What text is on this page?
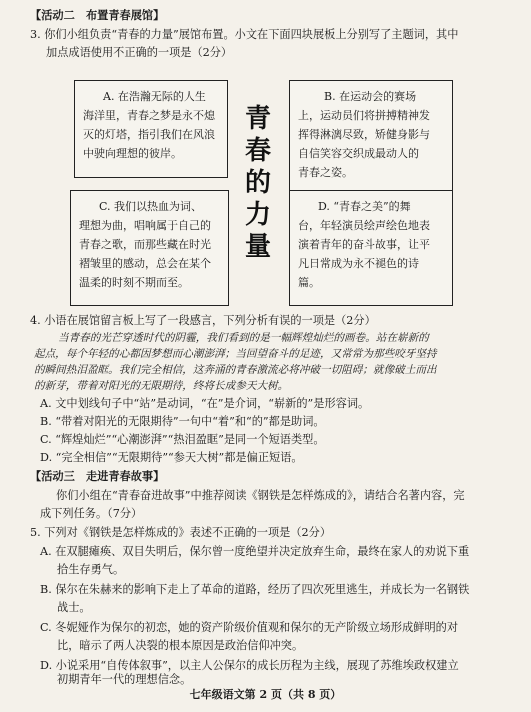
【活动二　布置青春展馆】
3. 你们小组负责“青春的力量”展馆布置。小文在下面四块展板上分别写了主题词，其中
加点成语使用不正确的一项是（2分）
A. 在浩瀚无际的人生
海洋里，青春之梦是永不熄
灭的灯塔，指引我们在风浪
中驶向理想的彼岸。
B. 在运动会的赛场
上，运动员们将拼搏精神发
挥得淋漓尽致，矫健身影与
自信笑容交织成最动人的
青春之姿。
青
春
的
力
量
C. 我们以热血为词、
理想为曲，唱响属于自己的
青春之歌，而那些藏在时光
褶皱里的感动，总会在某个
温柔的时刻不期而至。
D. “青春之美”的舞
台，年轻演员绘声绘色地表
演着青年的奋斗故事，让平
凡日常成为永不褪色的诗
篇。
4. 小语在展馆留言板上写了一段感言，下列分析有误的一项是（2分）
当青春的光芒穿透时代的阴霾，我们看到的是一幅辉煌灿烂的画卷。站在崭新的
起点，每个年轻的心都因梦想而心潮澎湃；当回望奋斗的足迹，又常常为那些咬牙坚持
的瞬间热泪盈眶。我们完全相信，这奔涌的青春激流必将冲破一切阻碍；就像破土而出
的新芽，带着对阳光的无限期待，终将长成参天大树。
A. 文中划线句子中“站”是动词，“在”是介词，“崭新的”是形容词。
B. “带着对阳光的无限期待”一句中“着”和“的”都是助词。
C. “辉煌灿烂”“心潮澎湃”“热泪盈眶”是同一个短语类型。
D. “完全相信”“无限期待”“参天大树”都是偏正短语。
【活动三　走进青春故事】
你们小组在“青春奋进故事”中推荐阅读《钢铁是怎样炼成的》，请结合名著内容，完
成下列任务。（7分）
5. 下列对《钢铁是怎样炼成的》表述不正确的一项是（2分）
A. 在双腿瘫痪、双目失明后，保尔曾一度绝望并决定放弃生命，最终在家人的劝说下重
拾生存勇气。
B. 保尔在朱赫来的影响下走上了革命的道路，经历了四次死里逃生，并成长为一名钢铁
战士。
C. 冬妮娅作为保尔的初恋，她的资产阶级价值观和保尔的无产阶级立场形成鲜明的对
比，暗示了两人决裂的根本原因是政治信仰冲突。
D. 小说采用“自传体叙事”，以主人公保尔的成长历程为主线，展现了苏维埃政权建立
初期青年一代的理想信念。
七年级语文第 2 页（共 8 页）
